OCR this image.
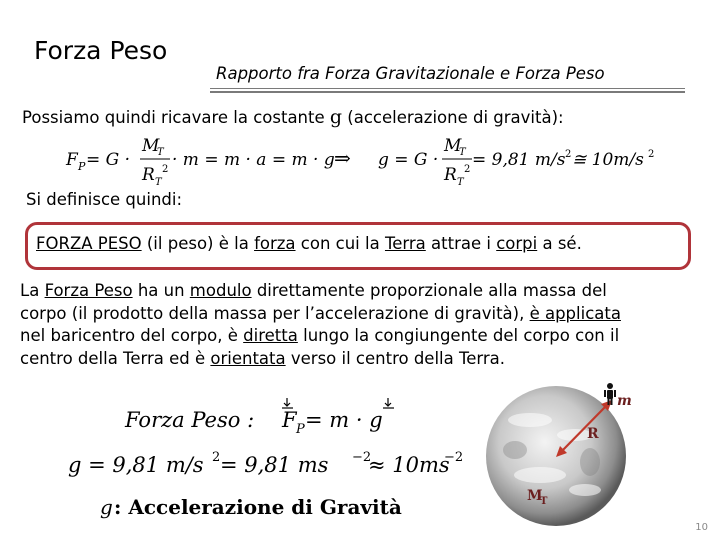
Forza Peso
Rapporto fra Forza Gravitazionale e Forza Peso
Possiamo quindi ricavare la costante g (accelerazione di gravità):
F P = G ·
M
T
R T
2 · m = m · a = m · g ⇒ g = G ·
M
T
R T
2 = 9,81 m/s 2 ≅ 10m/s 2
Si definisce quindi:
FORZA PESO (il peso) è la forza con cui la Terra attrae i corpi a sé.
La Forza Peso ha un modulo direttamente proporzionale alla massa del
corpo (il prodotto della massa per l’accelerazione di gravità), è applicata
nel baricentro del corpo, è diretta lungo la congiungente del corpo con il
centro della Terra ed è orientata verso il centro della Terra.
Forza Peso : F P = m · g
g = 9,81 m/s 2 = 9,81 ms −2
≈ 10ms
−2
g : Accelerazione di Gravità
m
R
M
T
10
